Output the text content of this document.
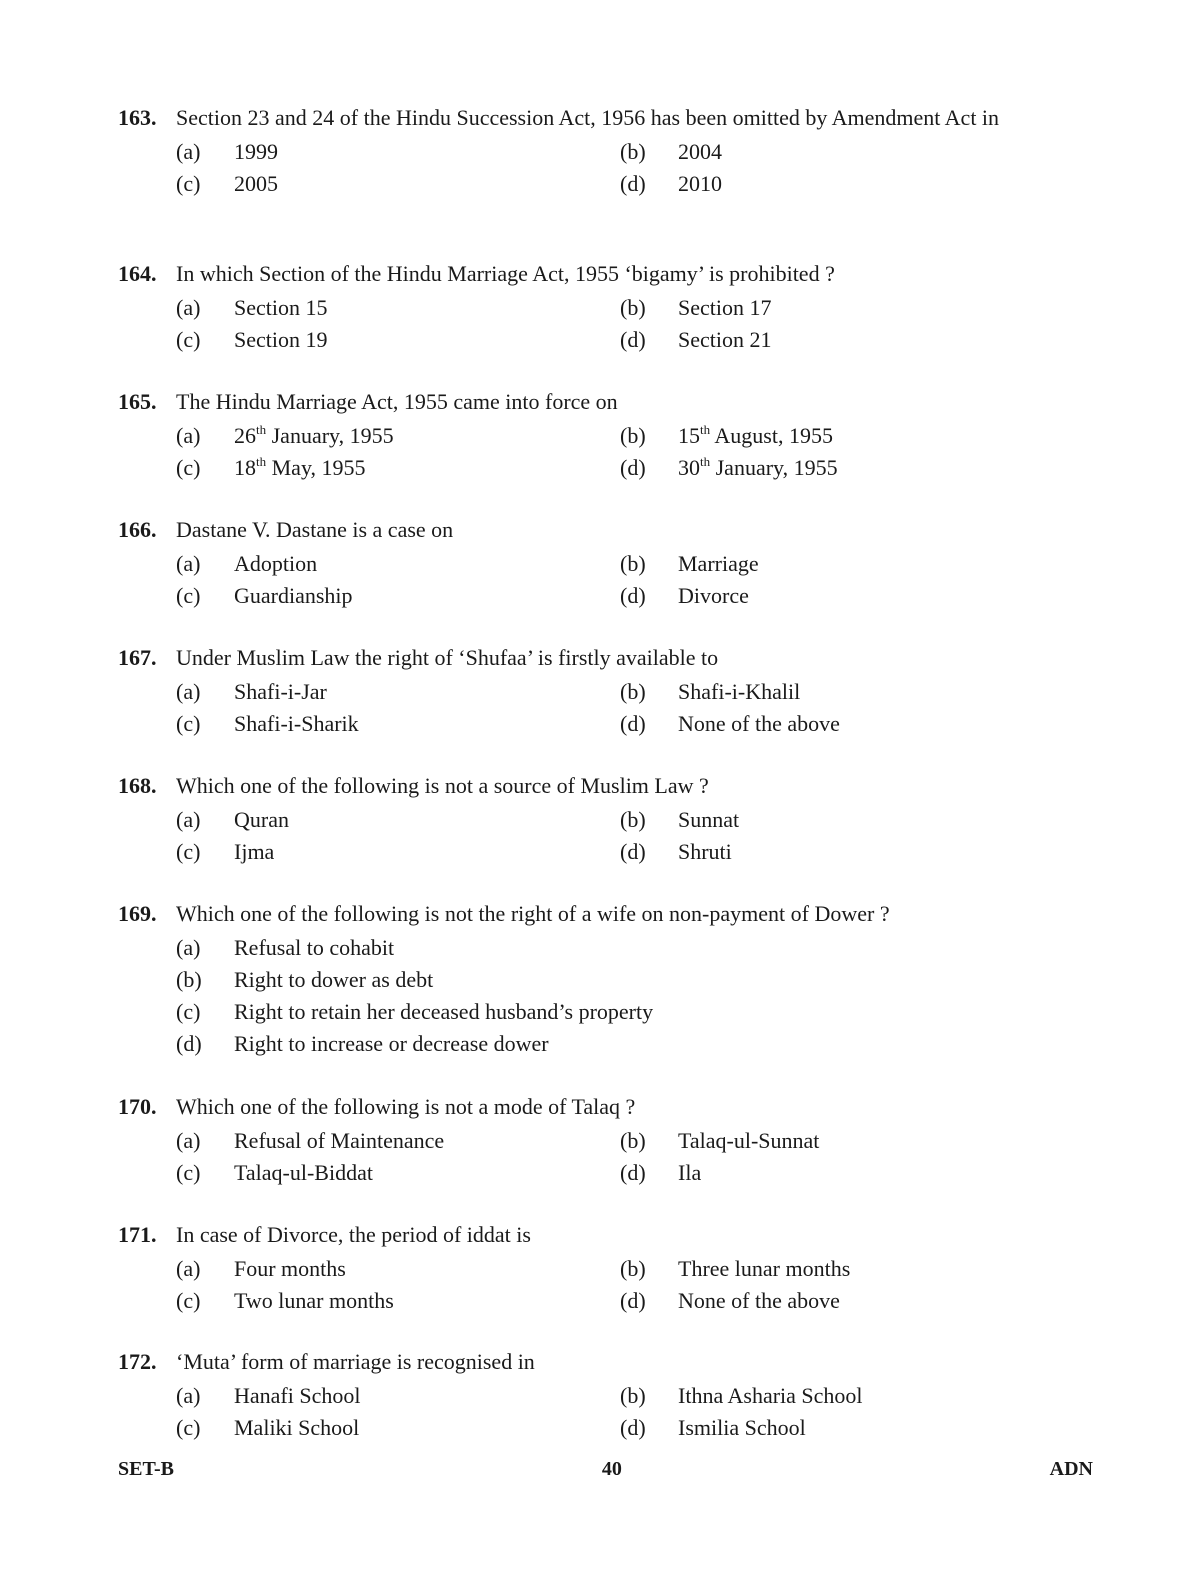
163. Section 23 and 24 of the Hindu Succession Act, 1956 has been omitted by Amendment Act in
(a)	1999	(b)	2004
(c)	2005	(d)	2010
164. In which Section of the Hindu Marriage Act, 1955 ‘bigamy’ is prohibited ?
(a)	Section 15	(b)	Section 17
(c)	Section 19	(d)	Section 21
165. The Hindu Marriage Act, 1955 came into force on
(a)	26th January, 1955	(b)	15th August, 1955
(c)	18th May, 1955	(d)	30th January, 1955
166. Dastane V. Dastane is a case on
(a)	Adoption	(b)	Marriage
(c)	Guardianship	(d)	Divorce
167. Under Muslim Law the right of ‘Shufaa’ is firstly available to
(a)	Shafi-i-Jar	(b)	Shafi-i-Khalil
(c)	Shafi-i-Sharik	(d)	None of the above
168. Which one of the following is not a source of Muslim Law ?
(a)	Quran	(b)	Sunnat
(c)	Ijma	(d)	Shruti
169. Which one of the following is not the right of a wife on non-payment of Dower ?
(a)	Refusal to cohabit
(b)	Right to dower as debt
(c)	Right to retain her deceased husband’s property
(d)	Right to increase or decrease dower
170. Which one of the following is not a mode of Talaq ?
(a)	Refusal of Maintenance	(b)	Talaq-ul-Sunnat
(c)	Talaq-ul-Biddat	(d)	Ila
171. In case of Divorce, the period of iddat is
(a)	Four months	(b)	Three lunar months
(c)	Two lunar months	(d)	None of the above
172. ‘Muta’ form of marriage is recognised in
(a)	Hanafi School	(b)	Ithna Asharia School
(c)	Maliki School	(d)	Ismilia School
SET-B	40	ADN
